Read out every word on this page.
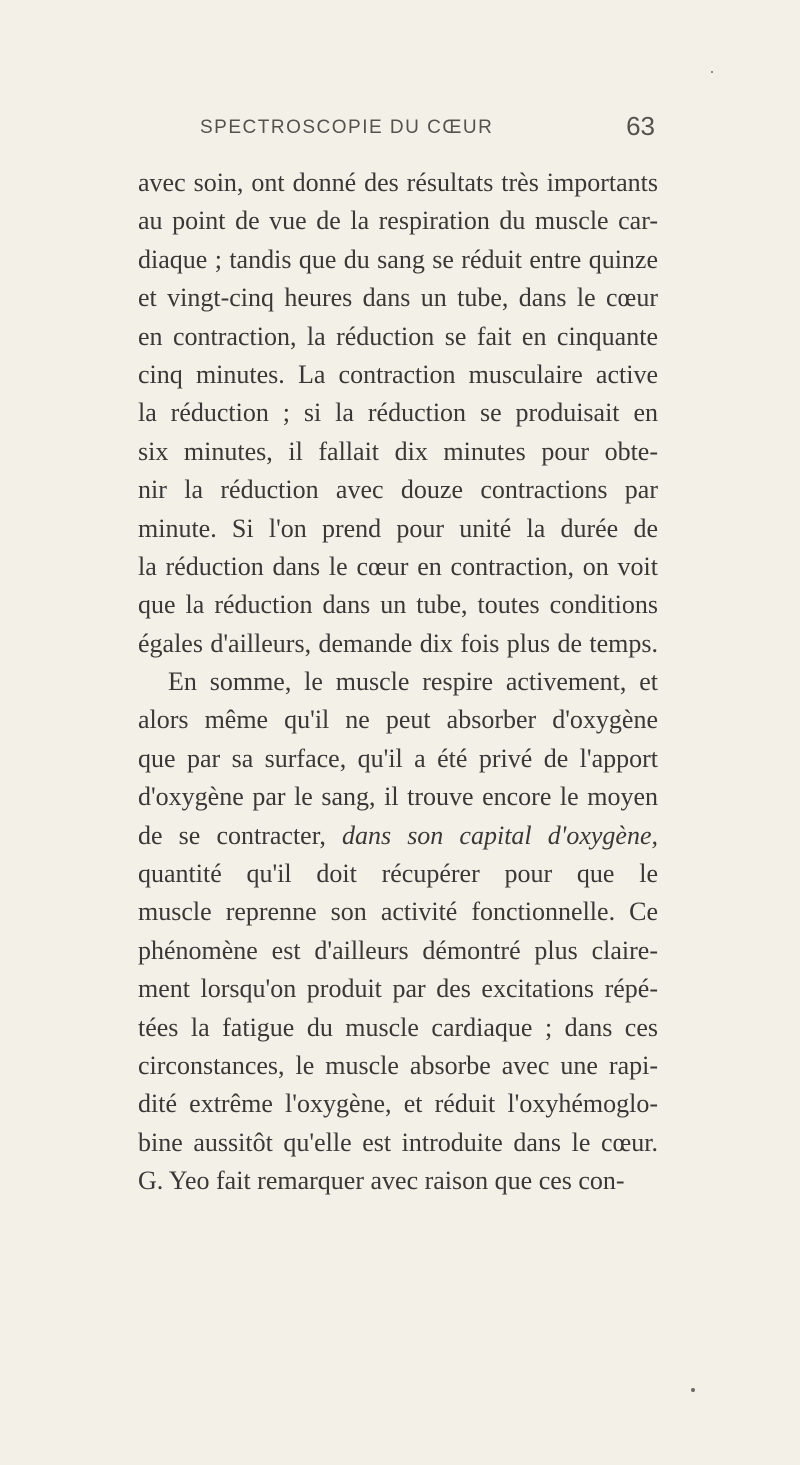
SPECTROSCOPIE DU CŒUR	63
avec soin, ont donné des résultats très importants
au point de vue de la respiration du muscle car-
diaque ; tandis que du sang se réduit entre quinze
et vingt-cinq heures dans un tube, dans le cœur
en contraction, la réduction se fait en cinquante
cinq minutes. La contraction musculaire active
la réduction ; si la réduction se produisait en
six minutes, il fallait dix minutes pour obte-
nir la réduction avec douze contractions par
minute. Si l'on prend pour unité la durée de
la réduction dans le cœur en contraction, on voit
que la réduction dans un tube, toutes conditions
égales d'ailleurs, demande dix fois plus de temps.
En somme, le muscle respire activement, et
alors même qu'il ne peut absorber d'oxygène
que par sa surface, qu'il a été privé de l'apport
d'oxygène par le sang, il trouve encore le moyen
de se contracter, dans son capital d'oxygène,
quantité qu'il doit récupérer pour que le
muscle reprenne son activité fonctionnelle. Ce
phénomène est d'ailleurs démontré plus claire-
ment lorsqu'on produit par des excitations répé-
tées la fatigue du muscle cardiaque ; dans ces
circonstances, le muscle absorbe avec une rapi-
dité extrême l'oxygène, et réduit l'oxyhémoglo-
bine aussitôt qu'elle est introduite dans le cœur.
G. Yeo fait remarquer avec raison que ces con-
